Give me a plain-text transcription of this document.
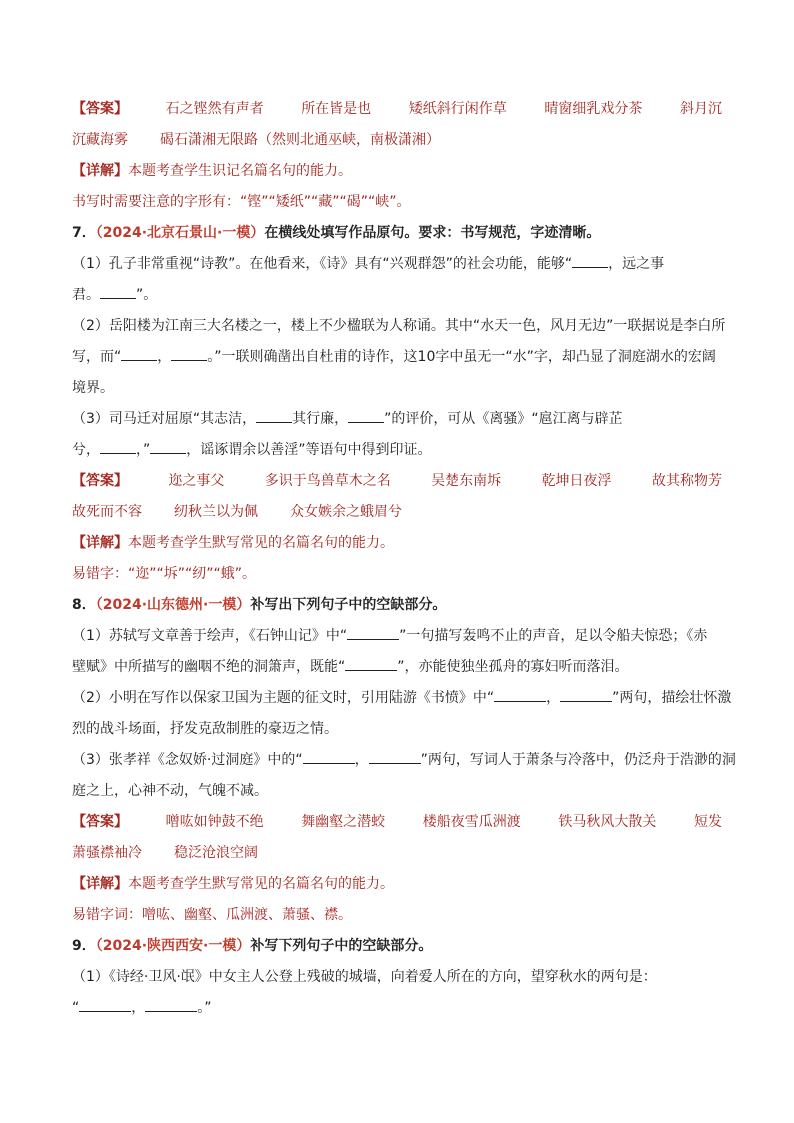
【答案】	石之铿然有声者	所在皆是也	矮纸斜行闲作草	晴窗细乳戏分茶	斜月沉
沉藏海雾 碣石潇湘无限路（然则北通巫峡，南极潇湘）
【详解】本题考查学生识记名篇名句的能力。
书写时需要注意的字形有：“铿”“矮纸”“藏”“碣”“峡”。
7．（2024·北京石景山·一模）在横线处填写作品原句。要求：书写规范，字迹清晰。
（1）孔子非常重视“诗教”。在他看来，《诗》具有“兴观群怨”的社会功能，能够“	，远之事
君。	”。
（2）岳阳楼为江南三大名楼之一，楼上不少楹联为人称诵。其中“水天一色，风月无边”一联据说是李白所
写，而“	，	。”一联则确凿出自杜甫的诗作，这10字中虽无一“水”字，却凸显了洞庭湖水的宏阔
境界。
（3）司马迁对屈原“其志洁，	其行廉，	”的评价，可从《离骚》“扈江离与辟芷
兮，	，”	，谣诼谓余以善淫”等语句中得到印证。
【答案】	迩之事父	多识于鸟兽草木之名	吴楚东南坼	乾坤日夜浮	故其称物芳
故死而不容 纫秋兰以为佩 众女嫉余之蛾眉兮
【详解】本题考查学生默写常见的名篇名句的能力。
易错字：“迩”“坼”“纫”“蛾”。
8．（2024·山东德州·一模）补写出下列句子中的空缺部分。
（1）苏轼写文章善于绘声，《石钟山记》中“	”一句描写轰鸣不止的声音，足以令船夫惊恐；《赤
壁赋》中所描写的幽咽不绝的洞箫声，既能“	”，亦能使独坐孤舟的寡妇听而落泪。
（2）小明在写作以保家卫国为主题的征文时，引用陆游《书愤》中“	，	”两句，描绘壮怀激
烈的战斗场面，抒发克敌制胜的豪迈之情。
（3）张孝祥《念奴娇·过洞庭》中的“	，	”两句，写词人于萧条与冷落中，仍泛舟于浩渺的洞
庭之上，心神不动，气魄不减。
【答案】	噌吰如钟鼓不绝	舞幽壑之潜蛟	楼船夜雪瓜洲渡	铁马秋风大散关	短发
萧骚襟袖冷 稳泛沧浪空阔
【详解】本题考查学生默写常见的名篇名句的能力。
易错字词：噌吰、幽壑、瓜洲渡、萧骚、襟。
9．（2024·陕西西安·一模）补写下列句子中的空缺部分。
（1）《诗经·卫风·氓》中女主人公登上残破的城墙，向着爱人所在的方向，望穿秋水的两句是：
“	，	。”
